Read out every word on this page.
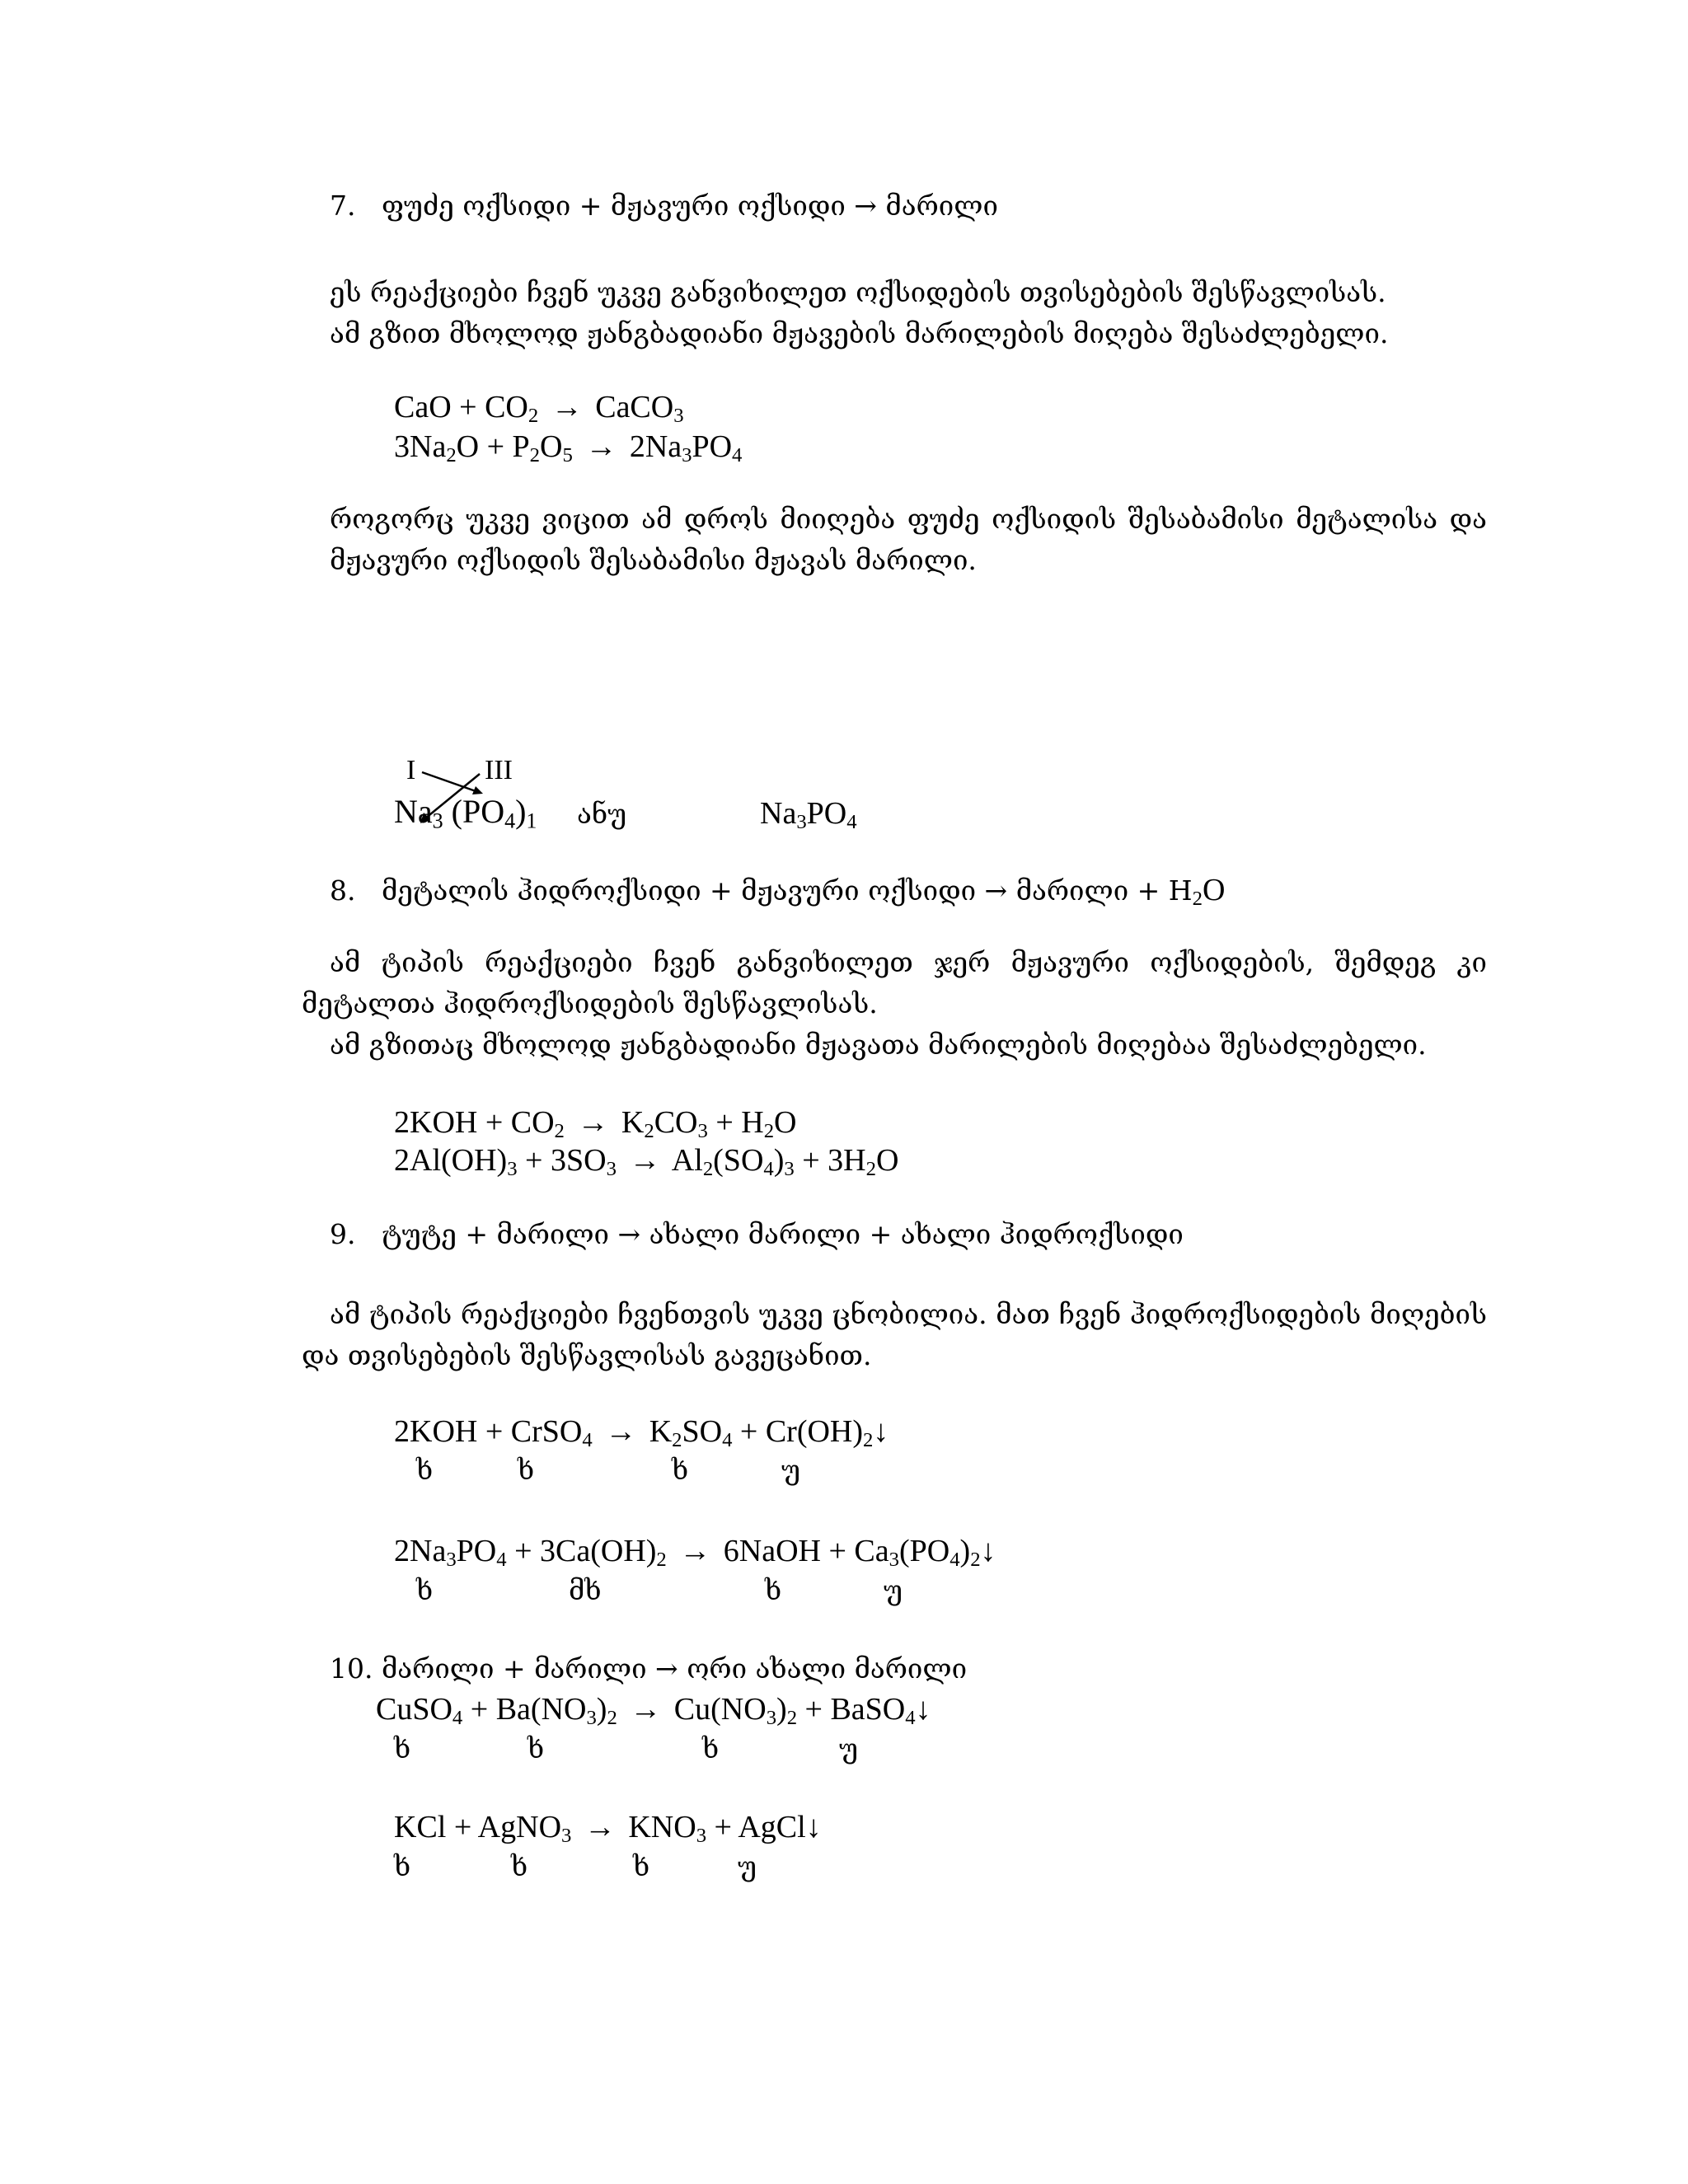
7. ფუძე ოქსიდი + მჟავური ოქსიდი → მარილი
ეს რეაქციები ჩვენ უკვე განვიხილეთ ოქსიდების თვისებების შესწავლისას.
ამ გზით მხოლოდ ჟანგბადიანი მჟავების მარილების მიღება შესაძლებელი.
CaO + $CO_2$ → CaCO$_3$
$3Na_2O + P_2O_5 \to 2Na_3PO_4$
როგორც უკვე ვიცით ამ დროს მიიღება ფუძე ოქსიდის შესაბამისი მეტალისა და
მჟავური ოქსიდის შესაბამისი მჟავას მარილი.
I III
$Na_3$ $(PO_4)_1$ ანუ	$Na_3PO_4$
8. მეტალის ჰიდროქსიდი + მჟავური ოქსიდი → მარილი + $H_2O$
ამ ტიპის რეაქციები ჩვენ განვიხილეთ ჯერ მჟავური ოქსიდების, შემდეგ კი
მეტალთა ჰიდროქსიდების შესწავლისას.
ამ გზითაც მხოლოდ ჟანგბადიანი მჟავათა მარილების მიღებაა შესაძლებელი.
$2KOH + CO_2 \to K_2CO_3 + H_2O$
$2Al(OH)_3 + 3SO_3 \to Al_2(SO_4)_3 + 3H_2O$
9. ტუტე + მარილი → ახალი მარილი + ახალი ჰიდროქსიდი
ამ ტიპის რეაქციები ჩვენთვის უკვე ცნობილია. მათ ჩვენ ჰიდროქსიდების მიღების
და თვისებების შესწავლისას გავეცანით.
2KOH + CrSO$_4$ → $K_2SO_4$ + $Cr(OH)_2↓$
ხ	ხ	ხ	უ
$2Na_3PO_4 + 3Ca(OH)_2$ → 6NaOH + $Ca_3(PO_4)_2↓$
ხ	მხ	ხ	უ
10. მარილი + მარილი → ორი ახალი მარილი
CuSO$_4$ + $Ba(NO_3)_2 \to Cu(NO_3)_2$ + BaSO$_4$↓
ხ	ხ	ხ	უ
KCl + AgNO$_3$ → $KNO_3$ + AgCl↓
ხ	ხ	ხ	უ
